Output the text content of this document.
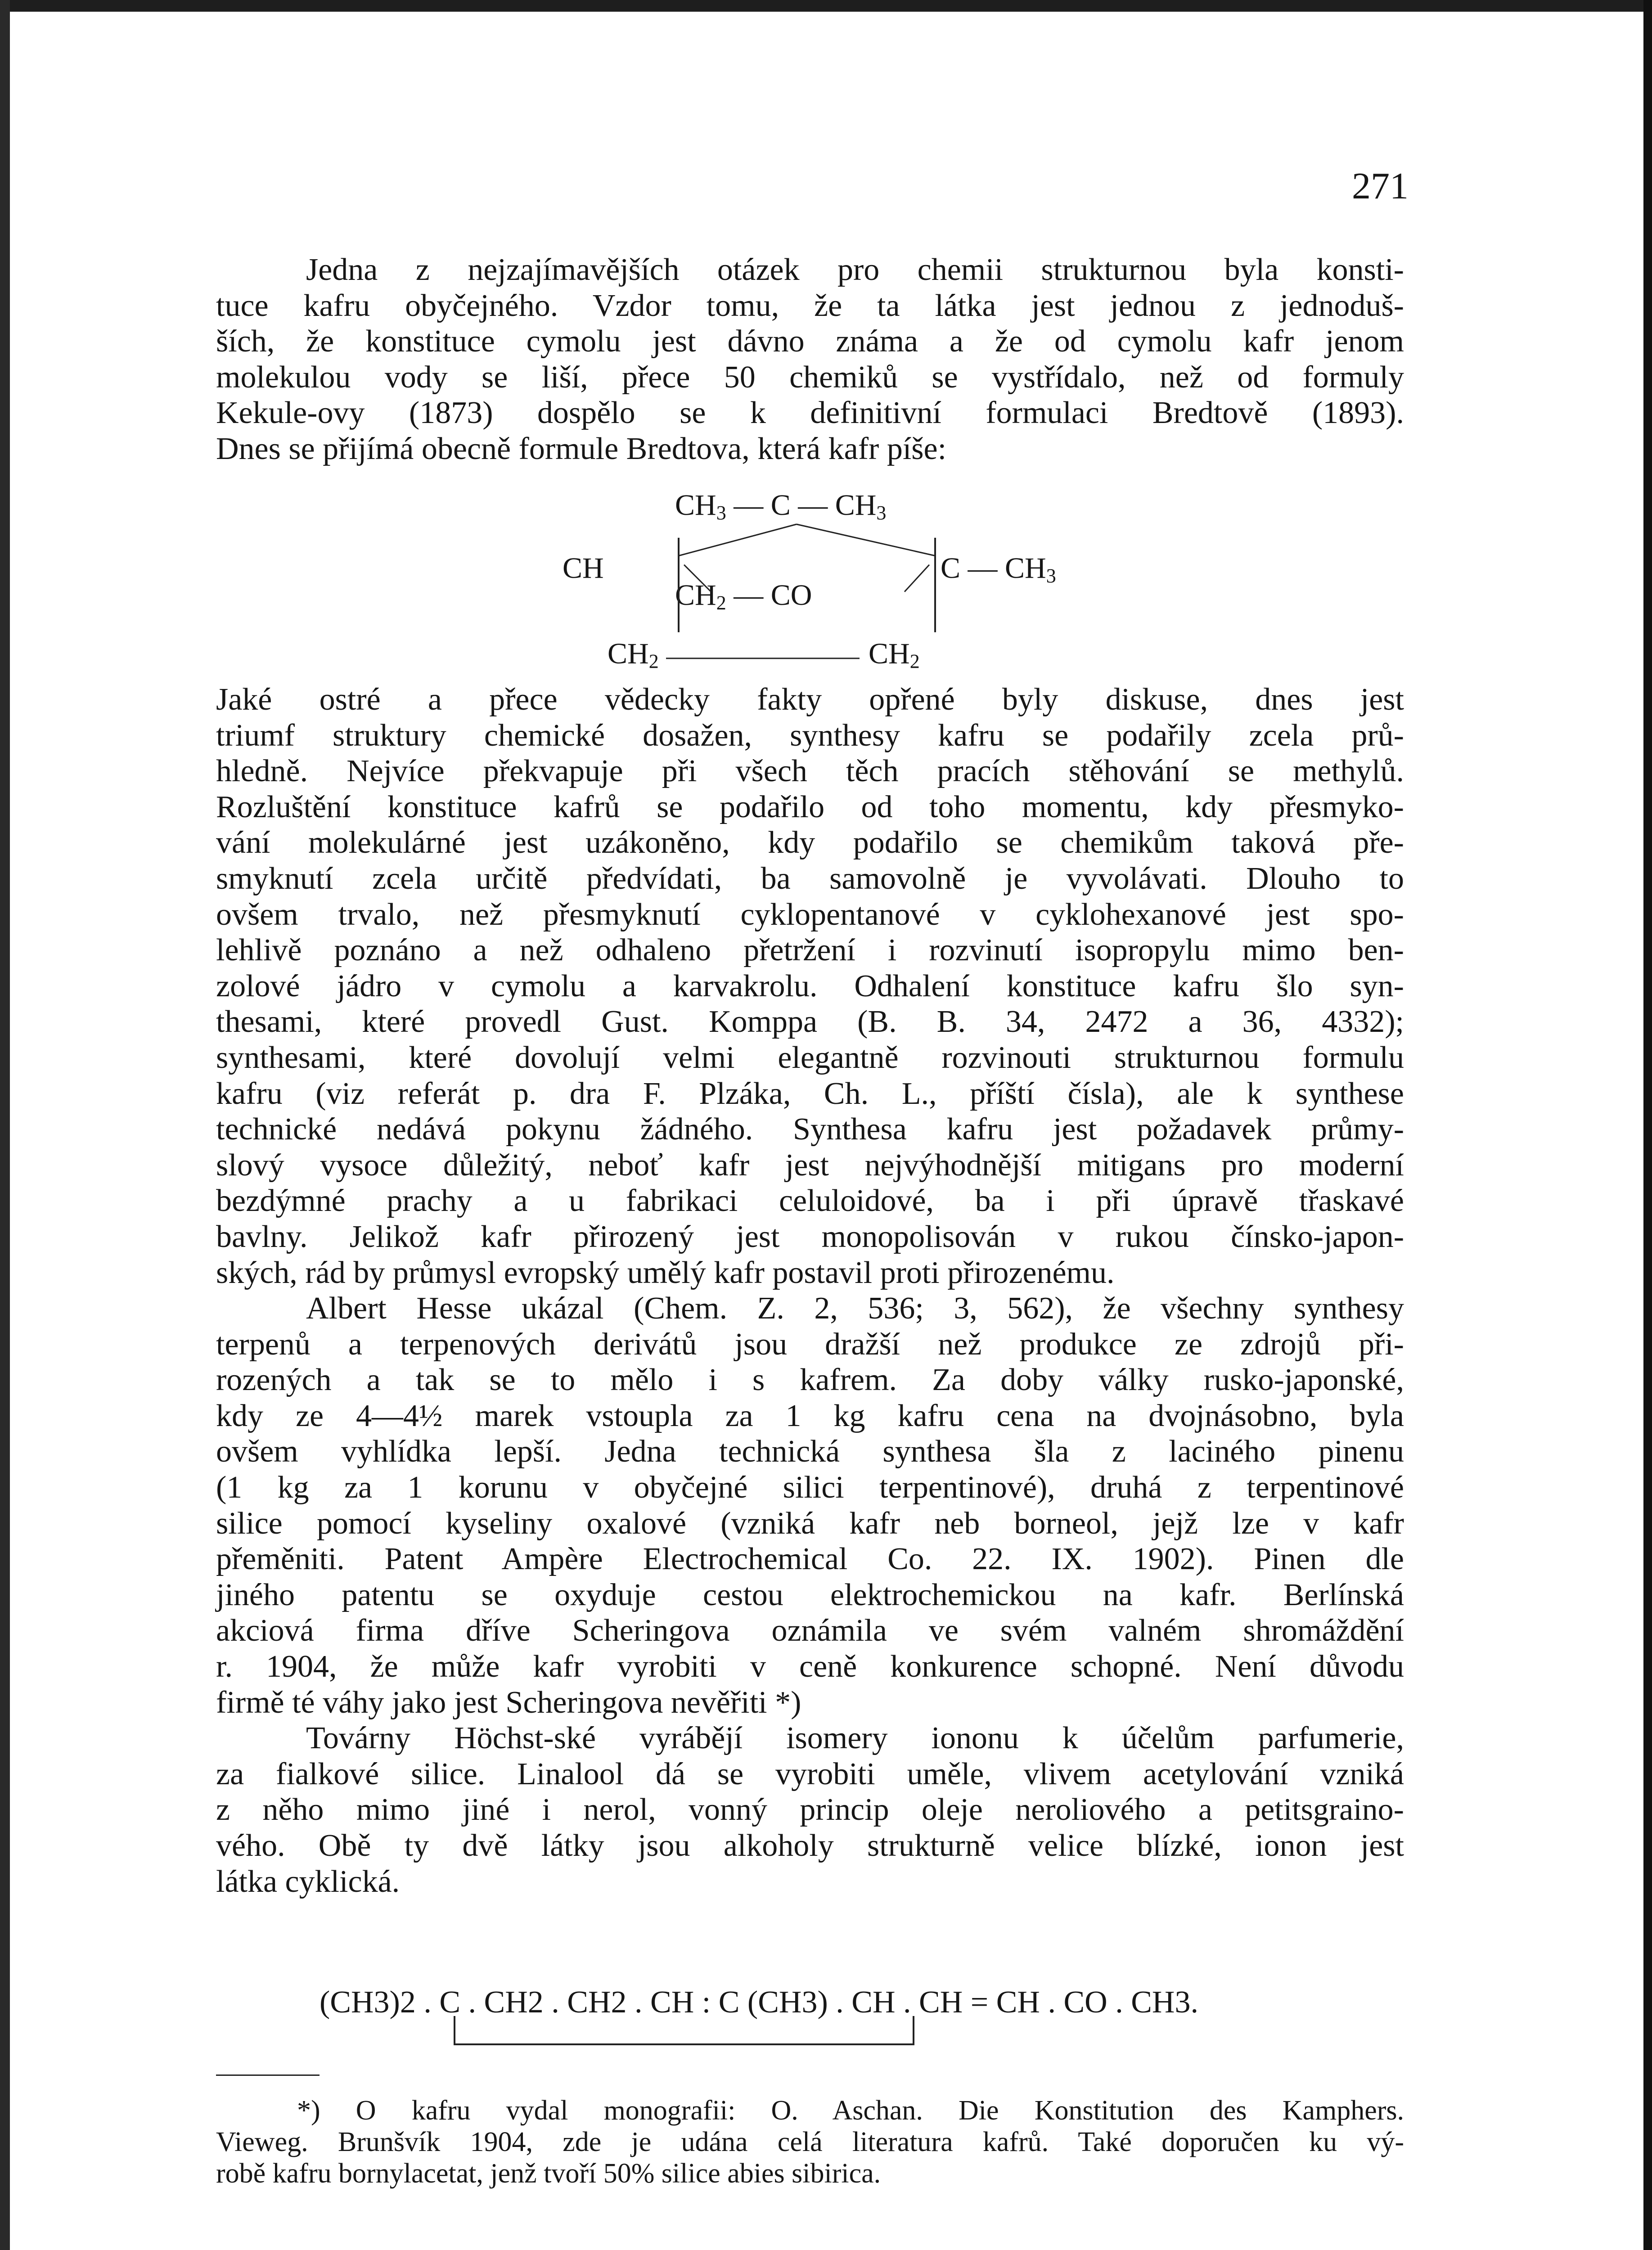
271

Jedna z nejzajímavějších otázek pro chemii strukturnou byla konsti-
tuce kafru obyčejného. Vzdor tomu, že ta látka jest jednou z jednoduš-
ších, že konstituce cymolu jest dávno známa a že od cymolu kafr jenom
molekulou vody se liší, přece 50 chemiků se vystřídalo, než od formuly
Kekule-ovy (1873) dospělo se k definitivní formulaci Bredtově (1893).
Dnes se přijímá obecně formule Bredtova, která kafr píše:

$CH_3$ — C — $CH_3$
CH
$CH_2$ — CO
C — $CH_3$
$CH_2$	$CH_2$

Jaké ostré a přece vědecky fakty opřené byly diskuse, dnes jest
triumf struktury chemické dosažen, synthesy kafru se podařily zcela prů-
hledně. Nejvíce překvapuje při všech těch pracích stěhování se methylů.
Rozluštění konstituce kafrů se podařilo od toho momentu, kdy přesmyko-
vání molekulárné jest uzákoněno, kdy podařilo se chemikům taková pře-
smyknutí zcela určitě předvídati, ba samovolně je vyvolávati. Dlouho to
ovšem trvalo, než přesmyknutí cyklopentanové v cyklohexanové jest spo-
lehlivě poznáno a než odhaleno přetržení i rozvinutí isopropylu mimo ben-
zolové jádro v cymolu a karvakrolu. Odhalení konstituce kafru šlo syn-
thesami, které provedl Gust. Komppa (B. B. 34, 2472 a 36, 4332);
synthesami, které dovolují velmi elegantně rozvinouti strukturnou formulu
kafru (viz referát p. dra F. Plzáka, Ch. L., příští čísla), ale k synthese
technické nedává pokynu žádného. Synthesa kafru jest požadavek průmy-
slový vysoce důležitý, neboť kafr jest nejvýhodnější mitigans pro moderní
bezdýmné prachy a u fabrikaci celuloidové, ba i při úpravě třaskavé
bavlny. Jelikož kafr přirozený jest monopolisován v rukou čínsko-japon-
ských, rád by průmysl evropský umělý kafr postavil proti přirozenému.

Albert Hesse ukázal (Chem. Z. 2, 536; 3, 562), že všechny synthesy
terpenů a terpenových derivátů jsou dražší než produkce ze zdrojů při-
rozených a tak se to mělo i s kafrem. Za doby války rusko-japonské,
kdy ze 4—4½ marek vstoupla za 1 kg kafru cena na dvojnásobno, byla
ovšem vyhlídka lepší. Jedna technická synthesa šla z laciného pinenu
(1 kg za 1 korunu v obyčejné silici terpentinové), druhá z terpentinové
silice pomocí kyseliny oxalové (vzniká kafr neb borneol, jejž lze v kafr
přeměniti. Patent Ampère Electrochemical Co. 22. IX. 1902). Pinen dle
jiného patentu se oxyduje cestou elektrochemickou na kafr. Berlínská
akciová firma dříve Scheringova oznámila ve svém valném shromáždění
r. 1904, že může kafr vyrobiti v ceně konkurence schopné. Není důvodu
firmě té váhy jako jest Scheringova nevěřiti *)

Továrny Höchst-ské vyrábějí isomery iononu k účelům parfumerie,
za fialkové silice. Linalool dá se vyrobiti uměle, vlivem acetylování vzniká
z něho mimo jiné i nerol, vonný princip oleje neroliového a petitsgraino-
vého. Obě ty dvě látky jsou alkoholy strukturně velice blízké, ionon jest
látka cyklická.

(CH3)2 . C . CH2 . CH2 . CH : C (CH3) . CH . CH = CH . CO . CH3.

*) O kafru vydal monografii: O. Aschan. Die Konstitution des Kamphers.
Vieweg. Brunšvík 1904, zde je udána celá literatura kafrů. Také doporučen ku vý-
robě kafru bornylacetat, jenž tvoří 50% silice abies sibirica.
